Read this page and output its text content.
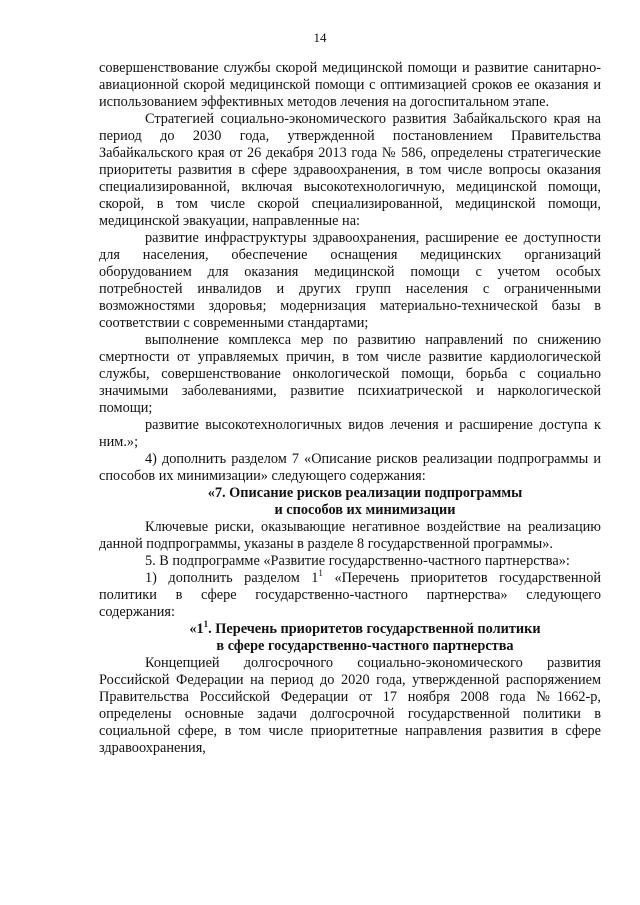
14

совершенствование службы скорой медицинской помощи и развитие санитарно-авиационной скорой медицинской помощи с оптимизацией сроков ее оказания и использованием эффективных методов лечения на догоспитальном этапе.

Стратегией социально-экономического развития Забайкальского края на период до 2030 года, утвержденной постановлением Правительства Забайкальского края от 26 декабря 2013 года № 586, определены стратегические приоритеты развития в сфере здравоохранения, в том числе вопросы оказания специализированной, включая высокотехнологичную, медицинской помощи, скорой, в том числе скорой специализированной, медицинской помощи, медицинской эвакуации, направленные на:

развитие инфраструктуры здравоохранения, расширение ее доступности для населения, обеспечение оснащения медицинских организаций оборудованием для оказания медицинской помощи с учетом особых потребностей инвалидов и других групп населения с ограниченными возможностями здоровья; модернизация материально-технической базы в соответствии с современными стандартами;

выполнение комплекса мер по развитию направлений по снижению смертности от управляемых причин, в том числе развитие кардиологической службы, совершенствование онкологической помощи, борьба с социально значимыми заболеваниями, развитие психиатрической и наркологической помощи;

развитие высокотехнологичных видов лечения и расширение доступа к ним.»;

4) дополнить разделом 7 «Описание рисков реализации подпрограммы и способов их минимизации» следующего содержания:

«7. Описание рисков реализации подпрограммы
и способов их минимизации

Ключевые риски, оказывающие негативное воздействие на реализацию данной подпрограммы, указаны в разделе 8 государственной программы».

5. В подпрограмме «Развитие государственно-частного партнерства»:

1) дополнить разделом $1^1$ «Перечень приоритетов государственной политики в сфере государственно-частного партнерства» следующего содержания:

«$1^1$. Перечень приоритетов государственной политики
в сфере государственно-частного партнерства

Концепцией долгосрочного социально-экономического развития Российской Федерации на период до 2020 года, утвержденной распоряжением Правительства Российской Федерации от 17 ноября 2008 года №1662-р, определены основные задачи долгосрочной государственной политики в социальной сфере, в том числе приоритетные направления развития в сфере здравоохранения,
